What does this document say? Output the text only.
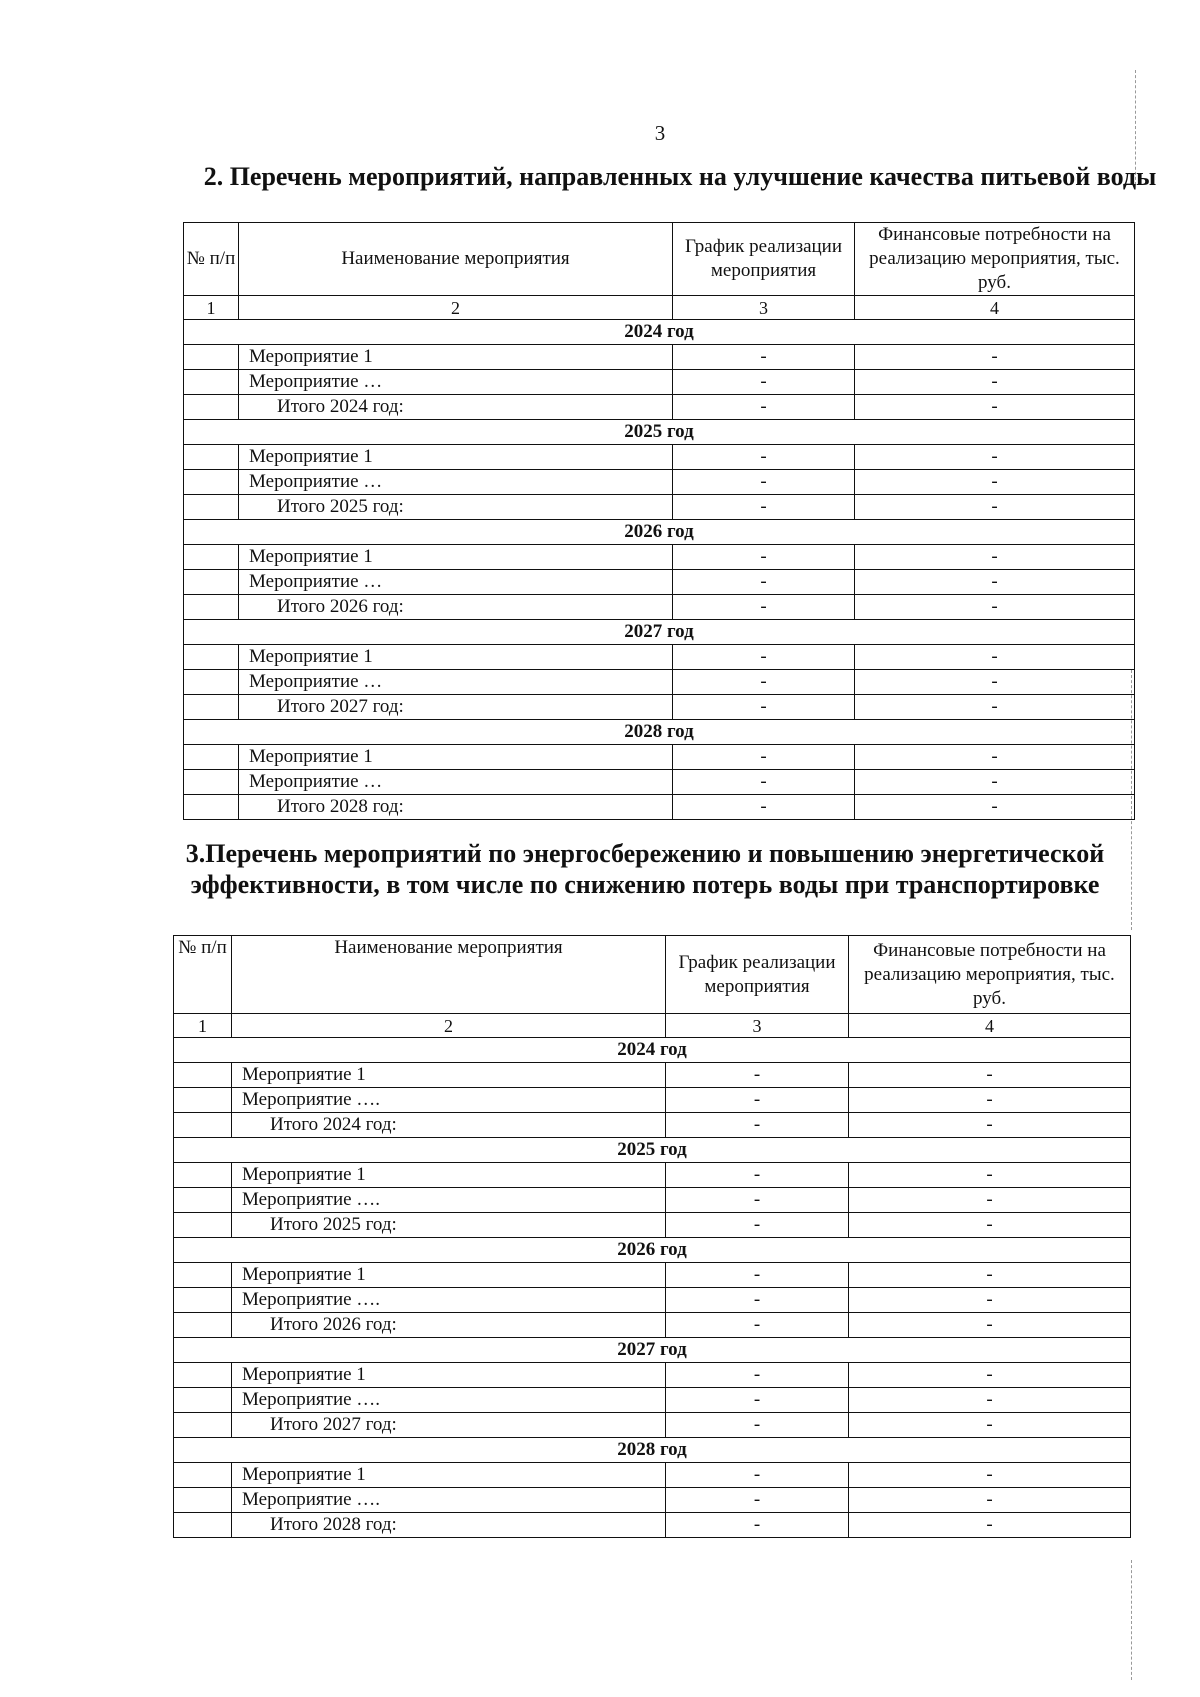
3
2. Перечень мероприятий, направленных на улучшение качества питьевой воды
№ п/п	Наименование мероприятия	График реализации мероприятия	Финансовые потребности на реализацию мероприятия, тыс. руб.
1	2	3	4
2024 год			
	Мероприятие 1	-	-
	Мероприятие …	-	-
	Итого 2024 год:	-	-
2025 год			
	Мероприятие 1	-	-
	Мероприятие …	-	-
	Итого 2025 год:	-	-
2026 год			
	Мероприятие 1	-	-
	Мероприятие …	-	-
	Итого 2026 год:	-	-
2027 год			
	Мероприятие 1	-	-
	Мероприятие …	-	-
	Итого 2027 год:	-	-
2028 год			
	Мероприятие 1	-	-
	Мероприятие …	-	-
	Итого 2028 год:	-	-
3.Перечень мероприятий по энергосбережению и повышению энергетической эффективности, в том числе по снижению потерь воды при транспортировке
№ п/п	Наименование мероприятия	График реализации мероприятия	Финансовые потребности на реализацию мероприятия, тыс. руб.
1	2	3	4
2024 год			
	Мероприятие 1	-	-
	Мероприятие ….	-	-
	Итого 2024 год:	-	-
2025 год			
	Мероприятие 1	-	-
	Мероприятие ….	-	-
	Итого 2025 год:	-	-
2026 год			
	Мероприятие 1	-	-
	Мероприятие ….	-	-
	Итого 2026 год:	-	-
2027 год			
	Мероприятие 1	-	-
	Мероприятие ….	-	-
	Итого 2027 год:	-	-
2028 год			
	Мероприятие 1	-	-
	Мероприятие ….	-	-
	Итого 2028 год:	-	-
